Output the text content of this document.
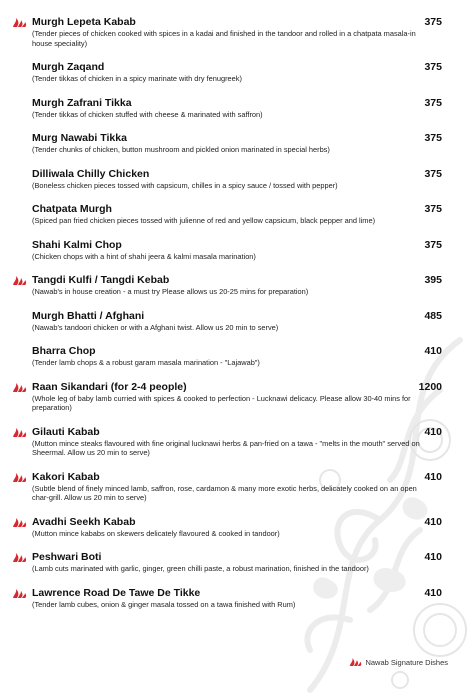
Murgh Lepeta Kabab	375
(Tender pieces of chicken cooked with spices in a kadai and finished in the tandoor and rolled in a chatpata masala-in house speciality)
Murgh Zaqand	375
(Tender tikkas of chicken in a spicy marinate with dry fenugreek)
Murgh Zafrani Tikka	375
(Tender tikkas of chicken stuffed with cheese & marinated with saffron)
Murg Nawabi Tikka	375
(Tender chunks of chicken, button mushroom and pickled onion marinated in special herbs)
Dilliwala Chilly Chicken	375
(Boneless chicken pieces tossed with capsicum, chilles in a spicy sauce / tossed with pepper)
Chatpata Murgh	375
(Spiced pan fried chicken pieces tossed with julienne of red and yellow capsicum, black pepper and lime)
Shahi Kalmi Chop	375
(Chicken chops with a hint of shahi jeera & kalmi masala marination)
Tangdi Kulfi / Tangdi Kebab	395
(Nawab's in house creation - a must try Please allows us 20-25 mins for preparation)
Murgh Bhatti / Afghani	485
(Nawab's tandoori chicken or with a Afghani twist. Allow us 20 min to serve)
Bharra Chop	410
(Tender lamb chops & a robust garam masala marination - "Lajawab")
Raan Sikandari (for 2-4 people)	1200
(Whole leg of baby lamb curried with spices & cooked to perfection - Lucknawi delicacy. Please allow 30-40 mins for preparation)
Gilauti Kabab	410
(Mutton mince steaks flavoured with fine original lucknawi herbs & pan-fried on a tawa - "melts in the mouth" served on Sheermal. Allow us 20 min to serve)
Kakori Kabab	410
(Subtle blend of finely minced lamb, saffron, rose, cardamon & many more exotic herbs, delicately cooked on an open char-grill. Allow us 20 min to serve)
Avadhi Seekh Kabab	410
(Mutton mince kababs on skewers delicately flavoured & cooked in tandoor)
Peshwari Boti	410
(Lamb cuts marinated with garlic, ginger, green chilli paste, a robust marination, finished in the tandoor)
Lawrence Road De Tawe De Tikke	410
(Tender lamb cubes, onion & ginger masala tossed on a tawa finished with Rum)
Nawab Signature Dishes
